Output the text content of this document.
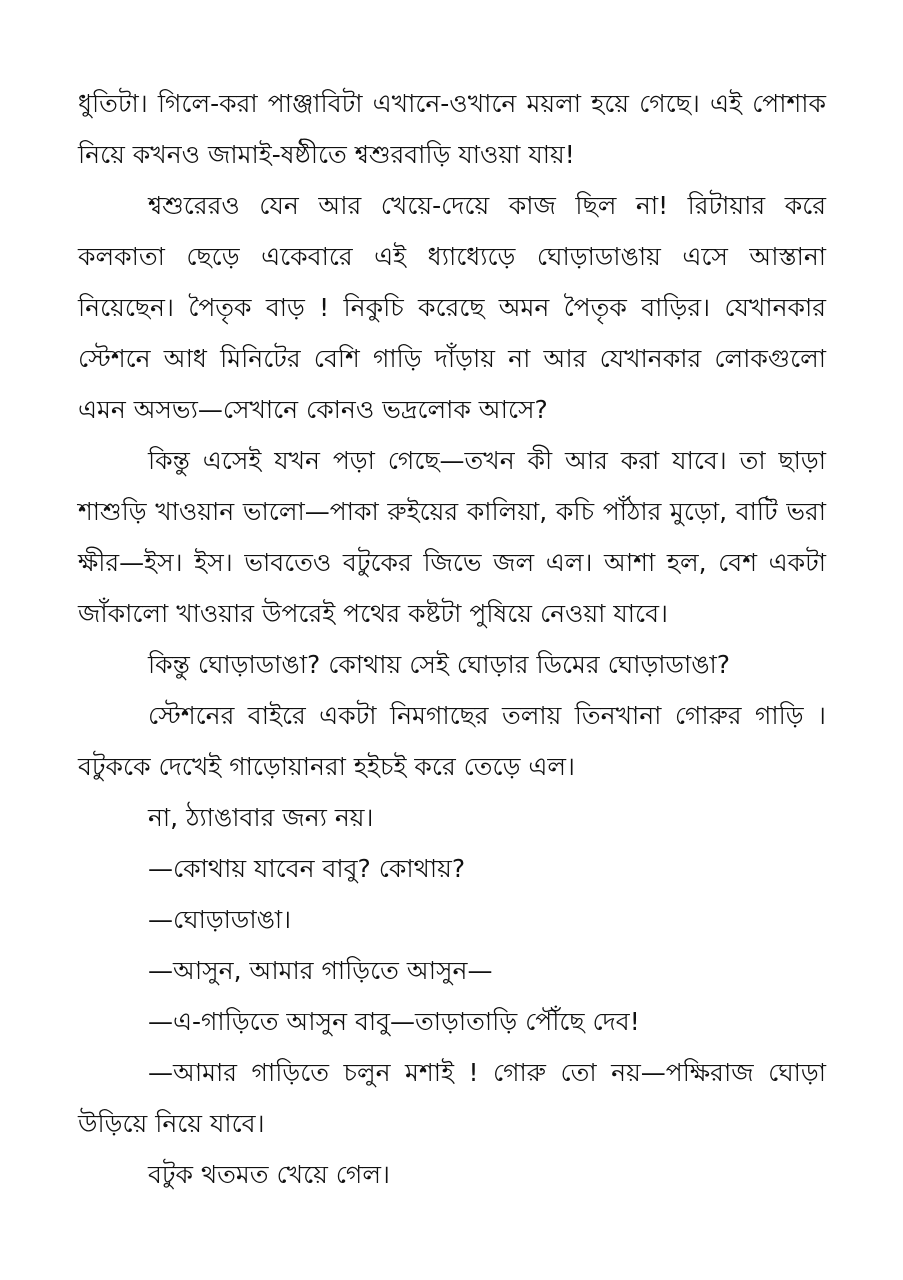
ধুতিটা। গিলে-করা পাঞ্জাবিটা এখানে-ওখানে ময়লা হয়ে গেছে। এই পোশাক নিয়ে কখনও জামাই-ষষ্ঠীতে শ্বশুরবাড়ি যাওয়া যায়!

শ্বশুরেরও যেন আর খেয়ে-দেয়ে কাজ ছিল না! রিটায়ার করে কলকাতা ছেড়ে একেবারে এই ধ্যাধ্যেড়ে ঘোড়াডাঙায় এসে আস্তানা নিয়েছেন। পৈতৃক বাড় ! নিকুচি করেছে অমন পৈতৃক বাড়ির। যেখানকার স্টেশনে আধ মিনিটের বেশি গাড়ি দাঁড়ায় না আর যেখানকার লোকগুলো এমন অসভ্য—সেখানে কোনও ভদ্রলোক আসে?

কিন্তু এসেই যখন পড়া গেছে—তখন কী আর করা যাবে। তা ছাড়া শাশুড়ি খাওয়ান ভালো—পাকা রুইয়ের কালিয়া, কচি পাঁঠার মুড়ো, বাটি ভরা ক্ষীর—ইস। ইস। ভাবতেও বটুকের জিভে জল এল। আশা হল, বেশ একটা জাঁকালো খাওয়ার উপরেই পথের কষ্টটা পুষিয়ে নেওয়া যাবে।

কিন্তু ঘোড়াডাঙা? কোথায় সেই ঘোড়ার ডিমের ঘোড়াডাঙা?

স্টেশনের বাইরে একটা নিমগাছের তলায় তিনখানা গোরুর গাড়ি । বটুককে দেখেই গাড়োয়ানরা হইচই করে তেড়ে এল।

না, ঠ্যাঙাবার জন্য নয়।

—কোথায় যাবেন বাবু? কোথায়?

—ঘোড়াডাঙা।

—আসুন, আমার গাড়িতে আসুন—

—এ-গাড়িতে আসুন বাবু—তাড়াতাড়ি পৌঁছে দেব!

—আমার গাড়িতে চলুন মশাই ! গোরু তো নয়—পক্ষিরাজ ঘোড়া উড়িয়ে নিয়ে যাবে।

বটুক থতমত খেয়ে গেল।
